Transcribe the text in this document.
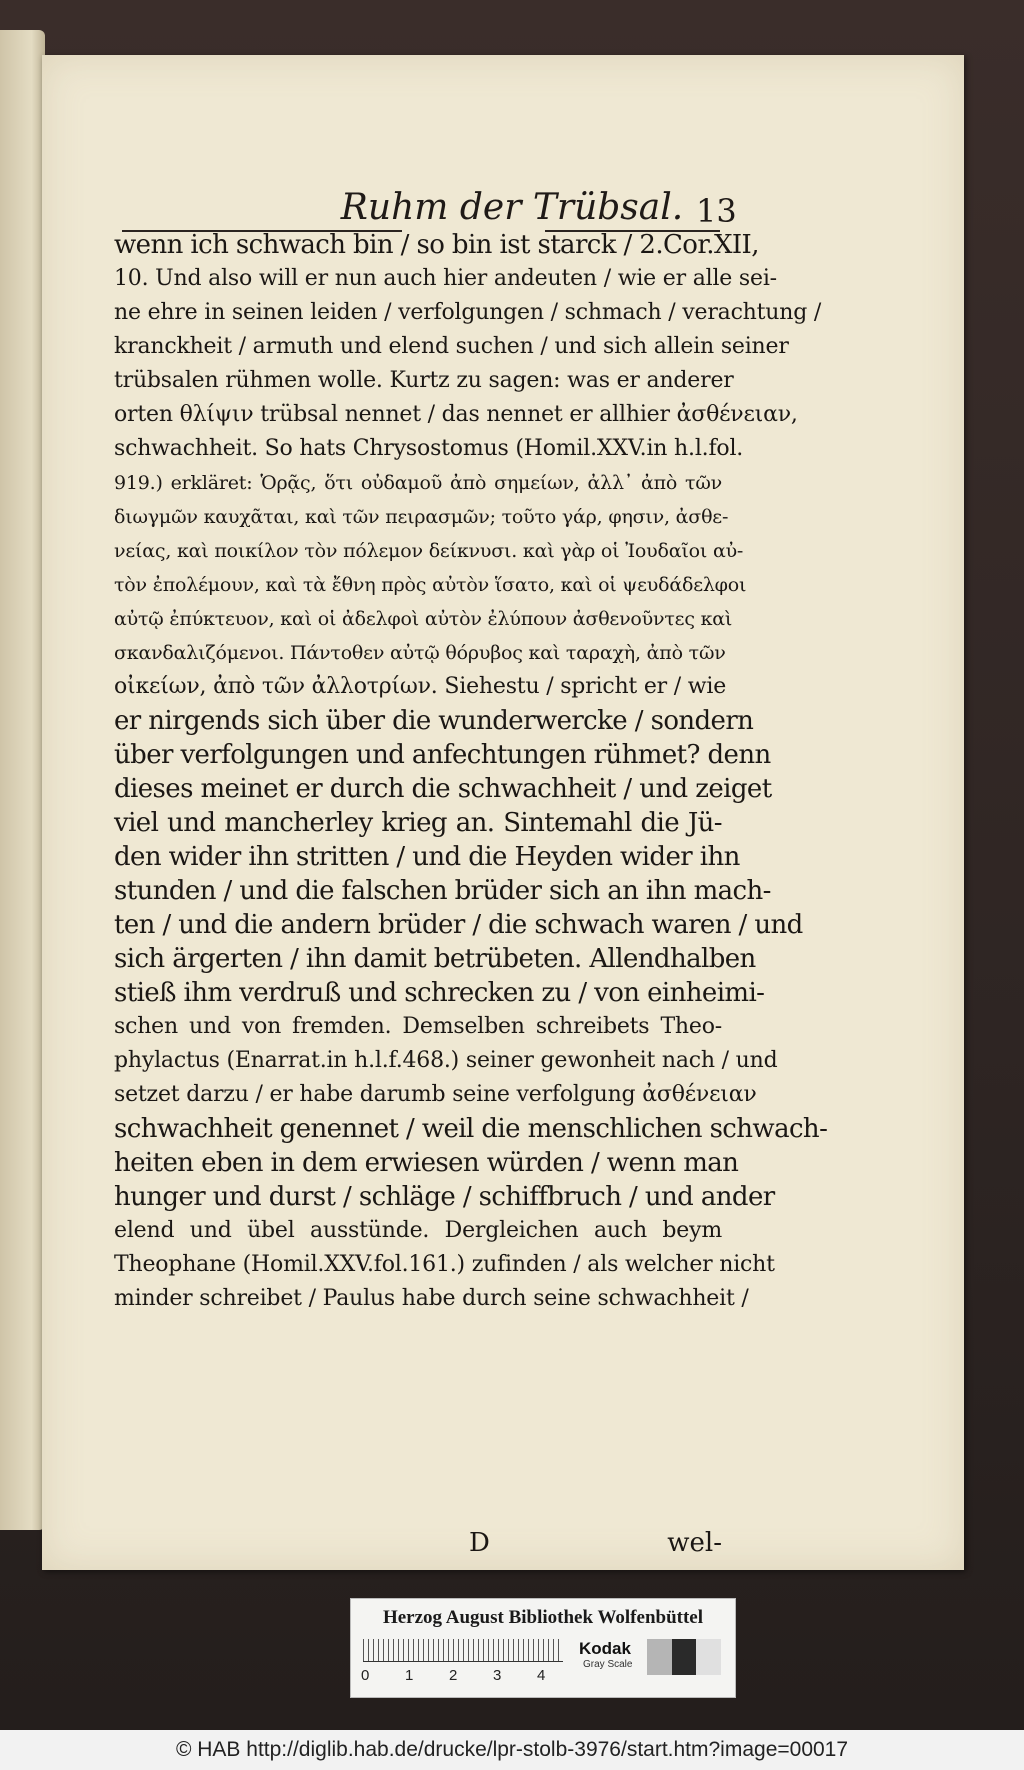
Ruhm der Trübsal. 13
wenn ich schwach bin / so bin ist starck / 2.Cor.XII,
10. Und also will er nun auch hier andeuten / wie er alle sei-
ne ehre in seinen leiden / verfolgungen / schmach / verachtung /
kranckheit / armuth und elend suchen / und sich allein seiner
trübsalen rühmen wolle. Kurtz zu sagen: was er anderer
orten θλίψιν trübsal nennet / das nennet er allhier ἀσθένειαν,
schwachheit. So hats Chrysostomus (Homil.XXV.in h.l.fol.
919.) erkläret: Ὁρᾷς, ὅτι οὐδαμοῦ ἀπὸ σημείων, ἀλλ᾽ ἀπὸ τῶν
διωγμῶν καυχᾶται, καὶ τῶν πειρασμῶν; τοῦτο γάρ, φησιν, ἀσθε-
νείας, καὶ ποικίλον τὸν πόλεμον δείκνυσι. καὶ γὰρ οἱ Ἰουδαῖοι αὐ-
τὸν ἐπολέμουν, καὶ τὰ ἔθνη πρὸς αὐτὸν ἵσατο, καὶ οἱ ψευδάδελφοι
αὐτῷ ἐπύκτευον, καὶ οἱ ἀδελφοὶ αὐτὸν ἐλύπουν ἀσθενοῦντες καὶ
σκανδαλιζόμενοι. Πάντοθεν αὐτῷ θόρυβος καὶ ταραχὴ, ἀπὸ τῶν
οἰκείων, ἀπὸ τῶν ἀλλοτρίων. Siehestu / spricht er / wie
er nirgends sich über die wunderwercke / sondern
über verfolgungen und anfechtungen rühmet? denn
dieses meinet er durch die schwachheit / und zeiget
viel und mancherley krieg an. Sintemahl die Jü-
den wider ihn stritten / und die Heyden wider ihn
stunden / und die falschen brüder sich an ihn mach-
ten / und die andern brüder / die schwach waren / und
sich ärgerten / ihn damit betrübeten. Allendhalben
stieß ihm verdruß und schrecken zu / von einheimi-
schen und von fremden. Demselben schreibets Theo-
phylactus (Enarrat.in h.l.f.468.) seiner gewonheit nach / und
setzet darzu / er habe darumb seine verfolgung ἀσθένειαν
schwachheit genennet / weil die menschlichen schwach-
heiten eben in dem erwiesen würden / wenn man
hunger und durst / schläge / schiffbruch / und ander
elend und übel ausstünde. Dergleichen auch beym
Theophane (Homil.XXV.fol.161.) zufinden / als welcher nicht
minder schreibet / Paulus habe durch seine schwachheit /
D	wel-
Herzog August Bibliothek Wolfenbüttel
0 1 2 3 4
Kodak
Gray Scale
© HAB http://diglib.hab.de/drucke/lpr-stolb-3976/start.htm?image=00017
